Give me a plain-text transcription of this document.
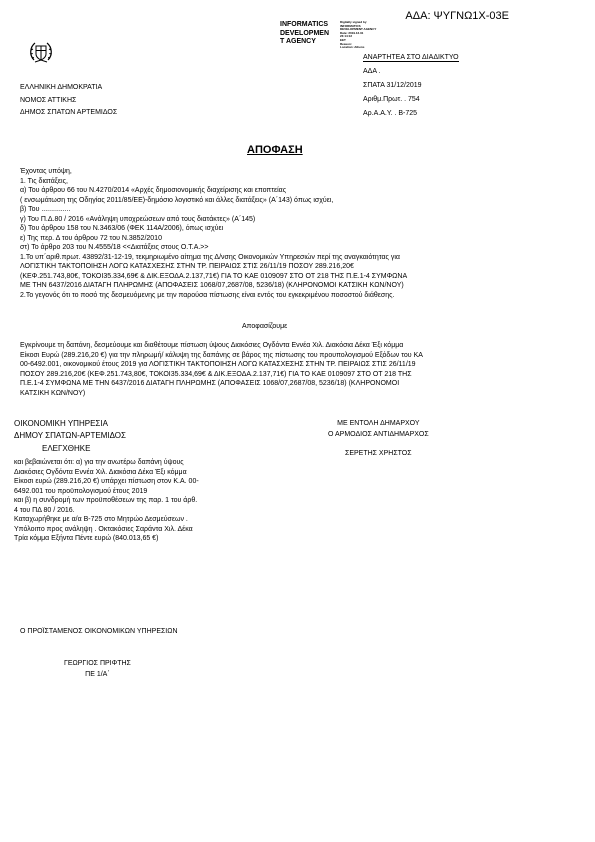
ΑΔΑ: ΨΥΓΝΩ1Χ-03Ε
INFORMATICS
DEVELOPMEN
T AGENCY
Digitally signed by
INFORMATICS
DEVELOPMENT AGENCY
Date: 2019.12.31
23:14:12
EET
Reason:
Location: Athens
ΑΝΑΡΤΗΤΕΑ ΣΤΟ ΔΙΑΔΙΚΤΥΟ
ΕΛΛΗΝΙΚΗ ΔΗΜΟΚΡΑΤΙΑ
ΝΟΜΟΣ ΑΤΤΙΚΗΣ
ΔΗΜΟΣ ΣΠΑΤΩΝ ΑΡΤΕΜΙΔΟΣ
ΑΔΑ .
ΣΠΑΤΑ 31/12/2019
Αριθμ.Πρωτ. . 754
Αρ.Α.Α.Υ. . Β-725
ΑΠΟΦΑΣΗ
Έχοντας υπόψη,
1. Τις διατάξεις,
α) Του άρθρου 66 του Ν.4270/2014 «Αρχές δημοσιονομικής διαχείρισης και εποπτείας
( ενσωμάτωση της Οδηγίας 2011/85/ΕΕ)-δημόσιο λογιστικό και άλλες διατάξεις» (Α΄143) όπως ισχύει,
β) Του ...............
γ) Του Π.Δ.80 / 2016 «Ανάληψη υποχρεώσεων από τους διατάκτες» (Α΄145)
δ) Του άρθρου 158 του Ν.3463/06 (ΦΕΚ 114Α/2006), όπως ισχύει
ε) Της περ. Δ του άρθρου 72 του Ν.3852/2010
στ) Το άρθρο 203 του Ν.4555/18 <<Διατάξεις στους Ο.Τ.Α.>>
1.Το υπ΄αριθ.πρωτ. 43892/31-12-19, τεκμηριωμένο αίτημα της Δ/νσης Οικονομικών Υπηρεσιών περί της αναγκαιότητας για
ΛΟΓΙΣΤΙΚΗ ΤΑΚΤΟΠΟΙΗΣΗ ΛΟΓΩ ΚΑΤΑΣΧΕΣΗΣ ΣΤΗΝ ΤΡ. ΠΕΙΡΑΙΩΣ ΣΤΙΣ 26/11/19 ΠΟΣΟΥ 289.216,20€
(ΚΕΦ.251.743,80€, ΤΟΚΟΙ35.334,69€ & ΔΙΚ.ΕΞΟΔΑ.2.137,71€) ΓΙΑ ΤΟ ΚΑΕ 0109097 ΣΤΟ ΟΤ 218 ΤΗΣ Π.Ε.1-4 ΣΥΜΦΩΝΑ
ΜΕ ΤΗΝ 6437/2016 ΔΙΑΤΑΓΗ ΠΛΗΡΩΜΗΣ (ΑΠΟΦΑΣΕΙΣ 1068/07,2687/08, 5236/18) (ΚΛΗΡΟΝΟΜΟΙ ΚΑΤΣΙΚΗ ΚΩΝ/ΝΟΥ)
2.Το γεγονός ότι το ποσό της δεσμευόμενης με την παρούσα πίστωσης είναι εντός του εγκεκριμένου ποσοστού διάθεσης.
Αποφασίζουμε
Εγκρίνουμε τη δαπάνη, δεσμεύουμε και διαθέτουμε πίστωση ύψους Διακόσιες Ογδόντα Εννέα Χιλ. Διακόσια Δέκα Έξι κόμμα
Είκοσι Ευρώ (289.216,20 €) για την πληρωμή/ κάλυψη της δαπάνης σε βάρος της πίστωσης του προυπολογισμού Εξόδων του ΚΑ
00-6492.001, οικονομικού έτους 2019 για ΛΟΓΙΣΤΙΚΗ ΤΑΚΤΟΠΟΙΗΣΗ ΛΟΓΩ ΚΑΤΑΣΧΕΣΗΣ ΣΤΗΝ ΤΡ. ΠΕΙΡΑΙΩΣ ΣΤΙΣ 26/11/19
ΠΟΣΟΥ 289.216,20€ (ΚΕΦ.251.743,80€, ΤΟΚΟΙ35.334,69€ & ΔΙΚ.ΕΞΟΔΑ.2.137,71€) ΓΙΑ ΤΟ ΚΑΕ 0109097 ΣΤΟ ΟΤ 218 ΤΗΣ
Π.Ε.1-4 ΣΥΜΦΩΝΑ ΜΕ ΤΗΝ 6437/2016 ΔΙΑΤΑΓΗ ΠΛΗΡΩΜΗΣ (ΑΠΟΦΑΣΕΙΣ 1068/07,2687/08, 5236/18) (ΚΛΗΡΟΝΟΜΟΙ
ΚΑΤΣΙΚΗ ΚΩΝ/ΝΟΥ)
ΟΙΚΟΝΟΜΙΚΗ ΥΠΗΡΕΣΙΑ
ΔΗΜΟΥ ΣΠΑΤΩΝ-ΑΡΤΕΜΙΔΟΣ
ΕΛΕΓΧΘΗΚΕ
ΜΕ ΕΝΤΟΛΗ ΔΗΜΑΡΧΟΥ
Ο ΑΡΜΟΔΙΟΣ ΑΝΤΙΔΗΜΑΡΧΟΣ
ΣΕΡΕΤΗΣ ΧΡΗΣΤΟΣ
και βεβαιώνεται ότι: α) για την ανωτέρω δαπάνη ύψους
Διακόσιες Ογδόντα Εννέα Χιλ. Διακόσια Δέκα Έξι κόμμα
Είκοσι ευρώ (289.216,20 €) υπάρχει πίστωση στον Κ.Α. 00-
6492.001 του προϋπολογισμού έτους 2019
και β) η συνδρομή των προϋποθέσεων της παρ. 1 του άρθ.
4 του ΠΔ 80 / 2016.
Καταχωρήθηκε με α/α Β-725 στο Μητρώο Δεσμεύσεων .
Υπόλοιπο προς ανάληψη . Οκτακόσιες Σαράντα Χιλ. Δέκα
Τρία κόμμα Εξήντα Πέντε ευρώ (840.013,65 €)
Ο ΠΡΟΪΣΤΑΜΕΝΟΣ ΟΙΚΟΝΟΜΙΚΩΝ ΥΠΗΡΕΣΙΩΝ
ΓΕΩΡΓΙΟΣ ΠΡΙΦΤΗΣ
ΠΕ 1/Α΄
